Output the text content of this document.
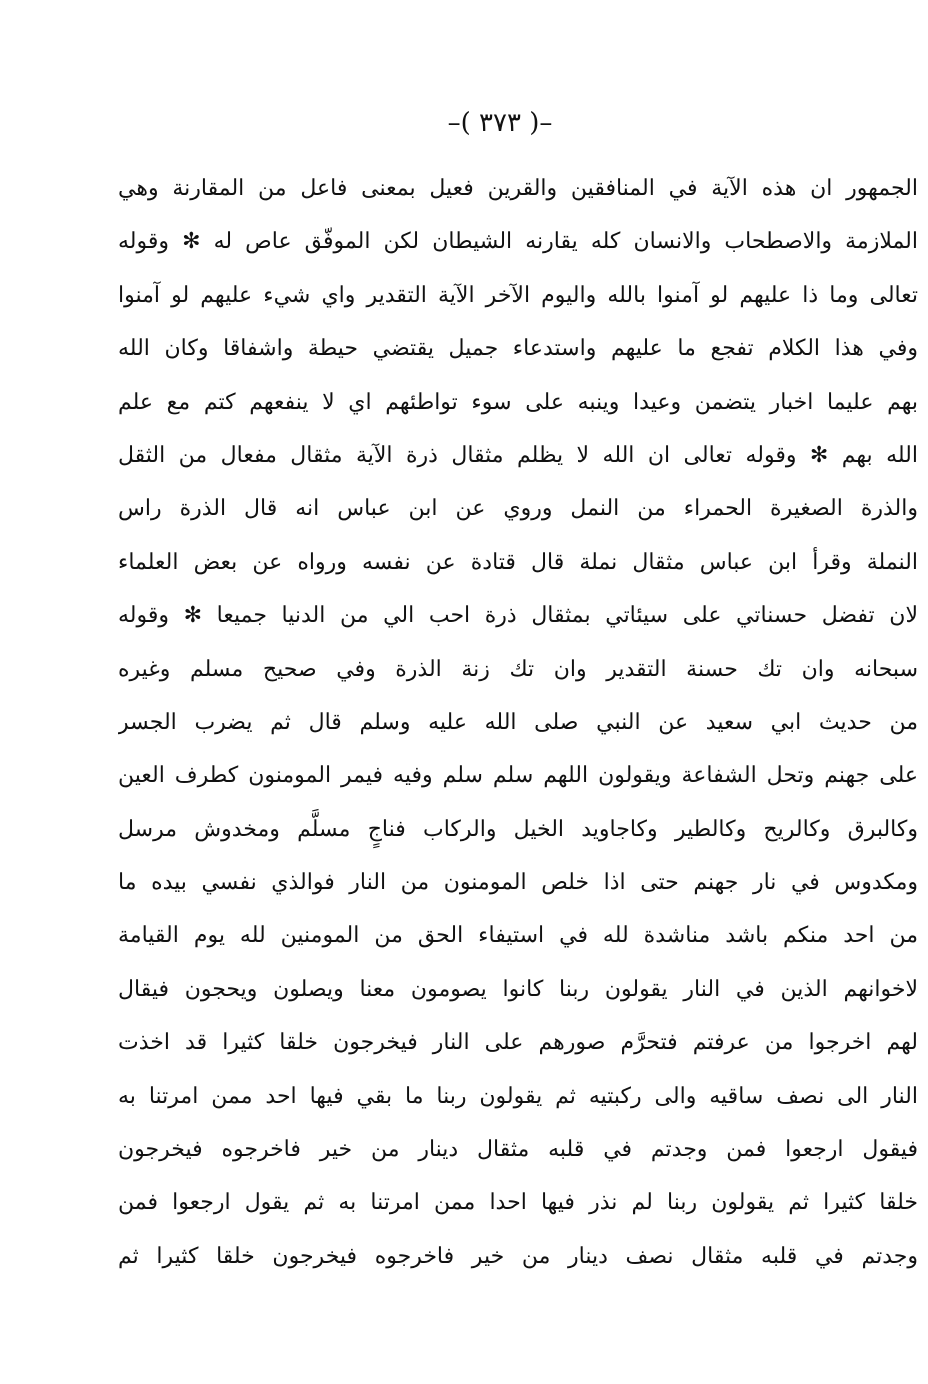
–( ٣٧٣ )–
الجمهور ان هذه الآية في المنافقين والقرين فعيل بمعنى فاعل من المقارنة وهي
الملازمة والاصطحاب والانسان كله يقارنه الشيطان لكن الموفّق عاص له ✻ وقوله
تعالى وما ذا عليهم لو آمنوا بالله واليوم الآخر الآية التقدير واي شيء عليهم لو آمنوا
وفي هذا الكلام تفجع ما عليهم واستدعاء جميل يقتضي حيطة واشفاقا وكان الله
بهم عليما اخبار يتضمن وعيدا وينبه على سوء تواطئهم اي لا ينفعهم كتم مع علم
الله بهم ✻ وقوله تعالى ان الله لا يظلم مثقال ذرة الآية مثقال مفعال من الثقل
والذرة الصغيرة الحمراء من النمل وروي عن ابن عباس انه قال الذرة راس
النملة وقرأ ابن عباس مثقال نملة قال قتادة عن نفسه ورواه عن بعض العلماء
لان تفضل حسناتي على سيئاتي بمثقال ذرة احب الي من الدنيا جميعا ✻ وقوله
سبحانه وان تك حسنة التقدير وان تك زنة الذرة وفي صحيح مسلم وغيره
من حديث ابي سعيد عن النبي صلى الله عليه وسلم قال ثم يضرب الجسر
على جهنم وتحل الشفاعة ويقولون اللهم سلم سلم وفيه فيمر المومنون كطرف العين
وكالبرق وكالريح وكالطير وكاجاويد الخيل والركاب فناجٍ مسلَّم ومخدوش مرسل
ومكدوس في نار جهنم حتى اذا خلص المومنون من النار فوالذي نفسي بيده ما
من احد منكم باشد مناشدة لله في استيفاء الحق من المومنين لله يوم القيامة
لاخوانهم الذين في النار يقولون ربنا كانوا يصومون معنا ويصلون ويحجون فيقال
لهم اخرجوا من عرفتم فتحرَّم صورهم على النار فيخرجون خلقا كثيرا قد اخذت
النار الى نصف ساقيه والى ركبتيه ثم يقولون ربنا ما بقي فيها احد ممن امرتنا به
فيقول ارجعوا فمن وجدتم في قلبه مثقال دينار من خير فاخرجوه فيخرجون
خلقا كثيرا ثم يقولون ربنا لم نذر فيها احدا ممن امرتنا به ثم يقول ارجعوا فمن
وجدتم في قلبه مثقال نصف دينار من خير فاخرجوه فيخرجون خلقا كثيرا ثم
